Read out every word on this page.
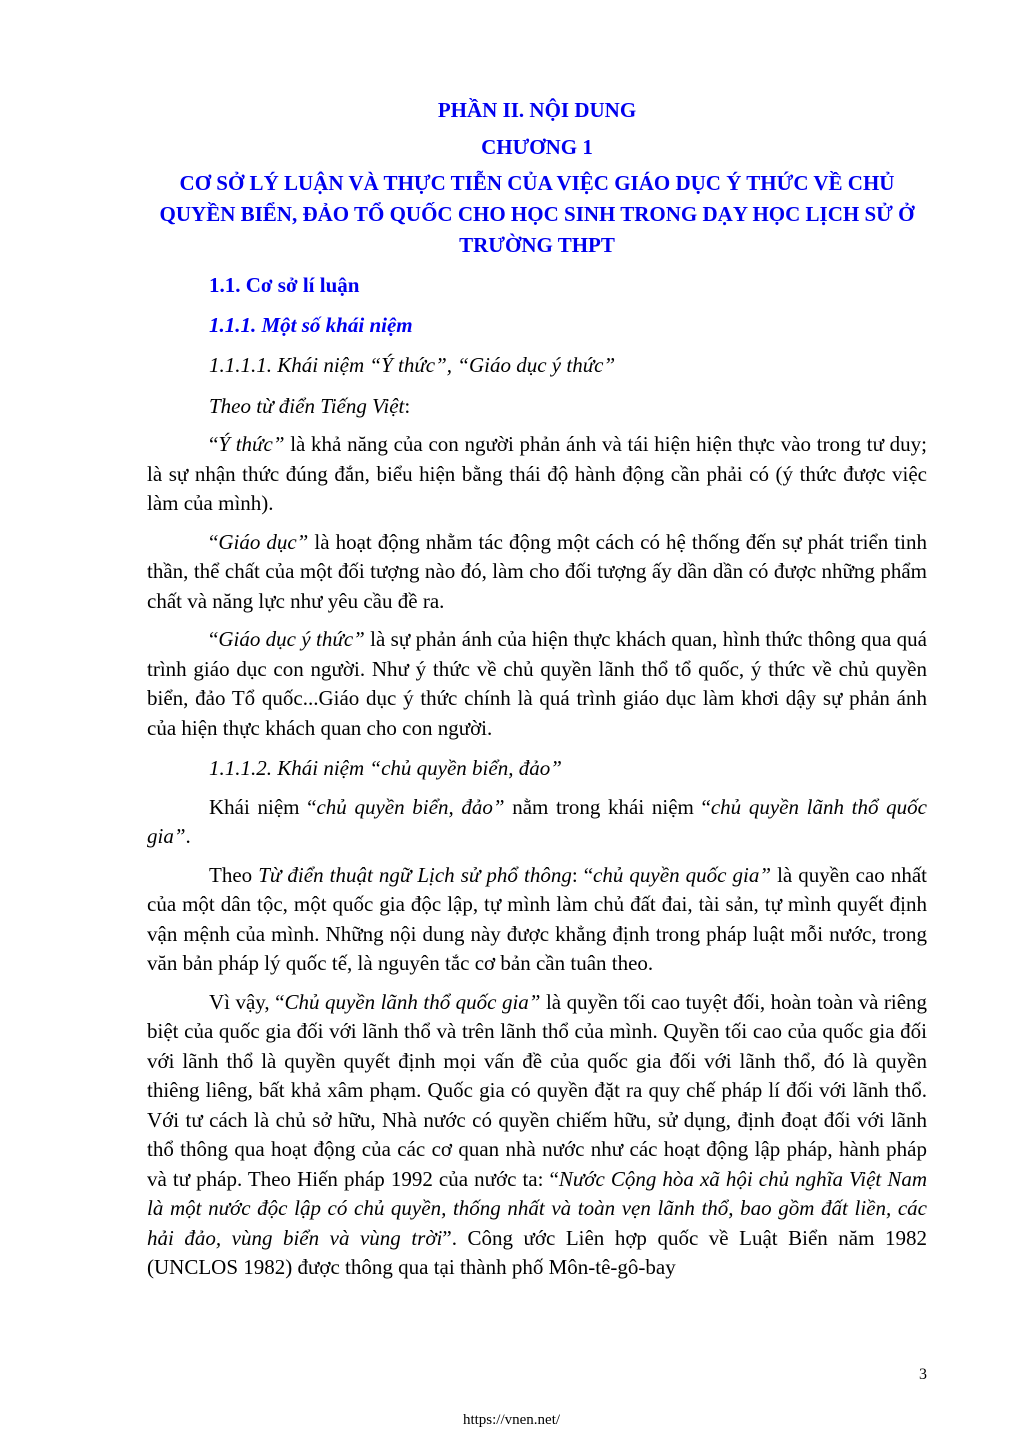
PHẦN II. NỘI DUNG

CHƯƠNG 1

CƠ SỞ LÝ LUẬN VÀ THỰC TIỄN CỦA VIỆC GIÁO DỤC Ý THỨC VỀ CHỦ QUYỀN BIỂN, ĐẢO TỔ QUỐC CHO HỌC SINH TRONG DẠY HỌC LỊCH SỬ Ở TRƯỜNG THPT

1.1. Cơ sở lí luận

1.1.1. Một số khái niệm

1.1.1.1. Khái niệm “Ý thức”, “Giáo dục ý thức”

Theo từ điển Tiếng Việt:

“Ý thức” là khả năng của con người phản ánh và tái hiện hiện thực vào trong tư duy; là sự nhận thức đúng đắn, biểu hiện bằng thái độ hành động cần phải có (ý thức được việc làm của mình).

“Giáo dục” là hoạt động nhằm tác động một cách có hệ thống đến sự phát triển tinh thần, thể chất của một đối tượng nào đó, làm cho đối tượng ấy dần dần có được những phẩm chất và năng lực như yêu cầu đề ra.

“Giáo dục ý thức” là sự phản ánh của hiện thực khách quan, hình thức thông qua quá trình giáo dục con người. Như ý thức về chủ quyền lãnh thổ tổ quốc, ý thức về chủ quyền biển, đảo Tổ quốc...Giáo dục ý thức chính là quá trình giáo dục làm khơi dậy sự phản ánh của hiện thực khách quan cho con người.

1.1.1.2. Khái niệm “chủ quyền biển, đảo”

Khái niệm “chủ quyền biển, đảo” nằm trong khái niệm “chủ quyền lãnh thổ quốc gia”.

Theo Từ điển thuật ngữ Lịch sử phổ thông: “chủ quyền quốc gia” là quyền cao nhất của một dân tộc, một quốc gia độc lập, tự mình làm chủ đất đai, tài sản, tự mình quyết định vận mệnh của mình. Những nội dung này được khẳng định trong pháp luật mỗi nước, trong văn bản pháp lý quốc tế, là nguyên tắc cơ bản cần tuân theo.

Vì vậy, “Chủ quyền lãnh thổ quốc gia” là quyền tối cao tuyệt đối, hoàn toàn và riêng biệt của quốc gia đối với lãnh thổ và trên lãnh thổ của mình. Quyền tối cao của quốc gia đối với lãnh thổ là quyền quyết định mọi vấn đề của quốc gia đối với lãnh thổ, đó là quyền thiêng liêng, bất khả xâm phạm. Quốc gia có quyền đặt ra quy chế pháp lí đối với lãnh thổ. Với tư cách là chủ sở hữu, Nhà nước có quyền chiếm hữu, sử dụng, định đoạt đối với lãnh thổ thông qua hoạt động của các cơ quan nhà nước như các hoạt động lập pháp, hành pháp và tư pháp. Theo Hiến pháp 1992 của nước ta: “Nước Cộng hòa xã hội chủ nghĩa Việt Nam là một nước độc lập có chủ quyền, thống nhất và toàn vẹn lãnh thổ, bao gồm đất liền, các hải đảo, vùng biển và vùng trời”. Công ước Liên hợp quốc về Luật Biển năm 1982 (UNCLOS 1982) được thông qua tại thành phố Môn-tê-gô-bay

3
https://vnen.net/
